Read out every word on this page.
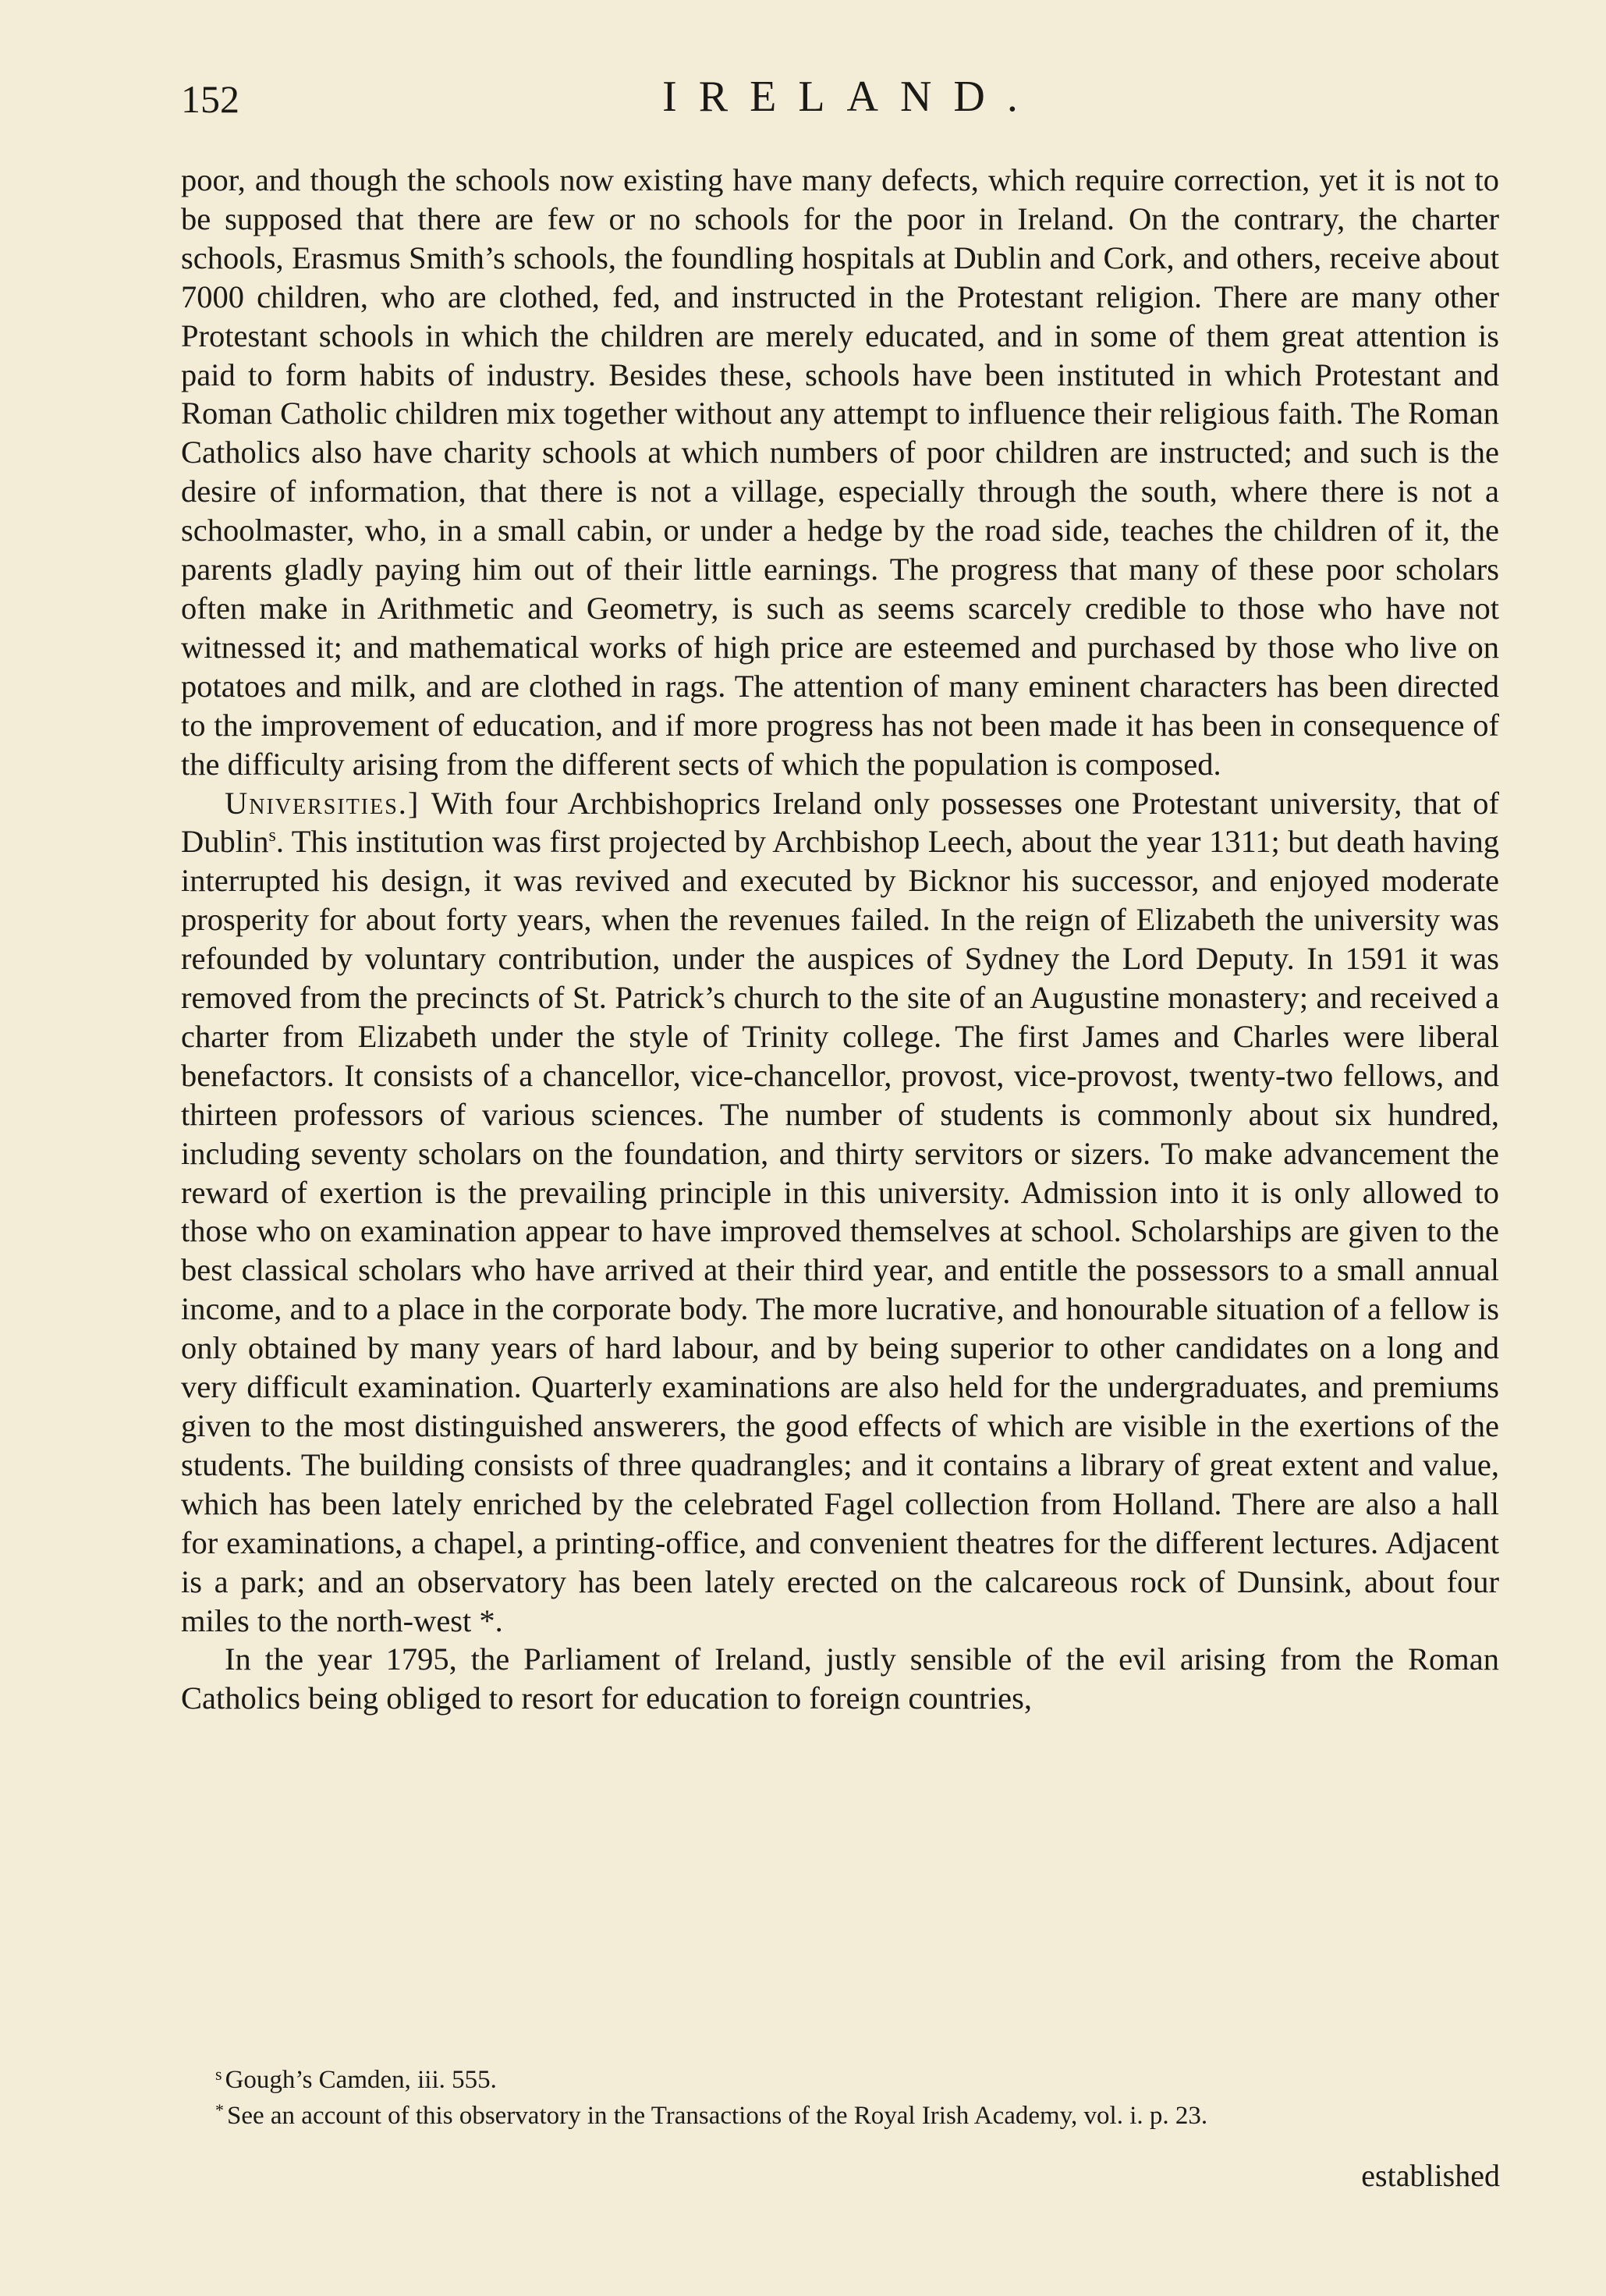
152	IRELAND.

poor, and though the schools now existing have many defects, which require correction, yet it is not to be supposed that there are few or no schools for the poor in Ireland. On the contrary, the charter schools, Erasmus Smith’s schools, the foundling hospitals at Dublin and Cork, and others, receive about 7000 children, who are clothed, fed, and instructed in the Protestant religion. There are many other Protestant schools in which the children are merely educated, and in some of them great attention is paid to form habits of industry. Besides these, schools have been instituted in which Protestant and Roman Catholic children mix together without any attempt to influence their religious faith. The Roman Catholics also have charity schools at which numbers of poor children are instructed; and such is the desire of information, that there is not a village, especially through the south, where there is not a schoolmaster, who, in a small cabin, or under a hedge by the road side, teaches the children of it, the parents gladly paying him out of their little earnings. The progress that many of these poor scholars often make in Arithmetic and Geometry, is such as seems scarcely credible to those who have not witnessed it; and mathematical works of high price are esteemed and purchased by those who live on potatoes and milk, and are clothed in rags. The attention of many eminent characters has been directed to the improvement of education, and if more progress has not been made it has been in consequence of the difficulty arising from the different sects of which the population is composed.

Universities.] With four Archbishoprics Ireland only possesses one Protestant university, that of Dublin$^s$. This institution was first projected by Archbishop Leech, about the year 1311; but death having interrupted his design, it was revived and executed by Bicknor his successor, and enjoyed moderate prosperity for about forty years, when the revenues failed. In the reign of Elizabeth the university was refounded by voluntary contribution, under the auspices of Sydney the Lord Deputy. In 1591 it was removed from the precincts of St. Patrick’s church to the site of an Augustine monastery; and received a charter from Elizabeth under the style of Trinity college. The first James and Charles were liberal benefactors. It consists of a chancellor, vice-chancellor, provost, vice-provost, twenty-two fellows, and thirteen professors of various sciences. The number of students is commonly about six hundred, including seventy scholars on the foundation, and thirty servitors or sizers. To make advancement the reward of exertion is the prevailing principle in this university. Admission into it is only allowed to those who on examination appear to have improved themselves at school. Scholarships are given to the best classical scholars who have arrived at their third year, and entitle the possessors to a small annual income, and to a place in the corporate body. The more lucrative, and honourable situation of a fellow is only obtained by many years of hard labour, and by being superior to other candidates on a long and very difficult examination. Quarterly examinations are also held for the undergraduates, and premiums given to the most distinguished answerers, the good effects of which are visible in the exertions of the students. The building consists of three quadrangles; and it contains a library of great extent and value, which has been lately enriched by the celebrated Fagel collection from Holland. There are also a hall for examinations, a chapel, a printing-office, and convenient theatres for the different lectures. Adjacent is a park; and an observatory has been lately erected on the calcareous rock of Dunsink, about four miles to the north-west *.

In the year 1795, the Parliament of Ireland, justly sensible of the evil arising from the Roman Catholics being obliged to resort for education to foreign countries,

$^s$ Gough’s Camden, iii. 555.

* See an account of this observatory in the Transactions of the Royal Irish Academy, vol. i. p. 23.

established
